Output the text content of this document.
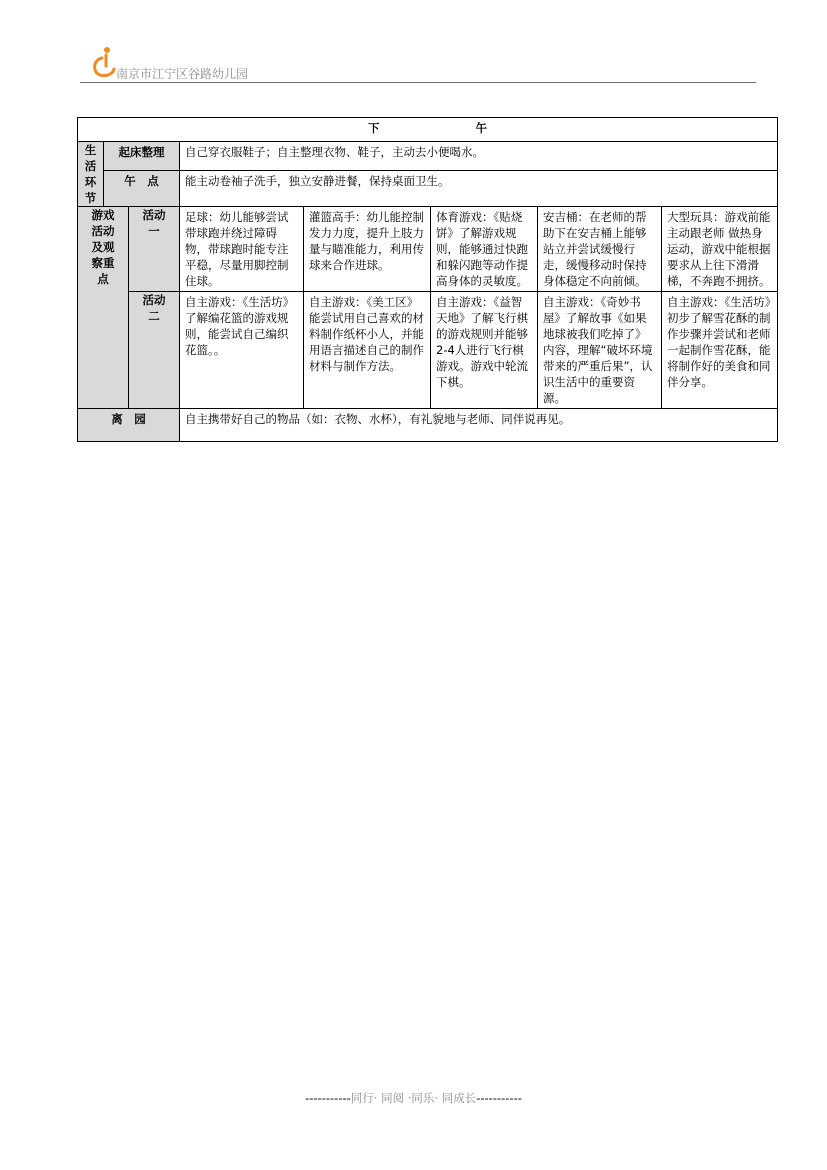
南京市江宁区谷路幼儿园
下 午							
生活环节	起床整理		自己穿衣服鞋子；自主整理衣物、鞋子，主动去小便喝水。				
	午　点		能主动卷袖子洗手，独立安静进餐，保持桌面卫生。				
游戏活动及观察重点		活动一	足球：幼儿能够尝试带球跑并绕过障碍物，带球跑时能专注平稳，尽量用脚控制住球。	灌篮高手：幼儿能控制发力力度，提升上肢力量与瞄准能力，利用传球来合作进球。	体育游戏：《贴烧饼》了解游戏规则，能够通过快跑和躲闪跑等动作提高身体的灵敏度。	安吉桶：在老师的帮助下在安吉桶上能够站立并尝试缓慢行走，缓慢移动时保持身体稳定不向前倾。	大型玩具：游戏前能主动跟老师 做热身运动，游戏中能根据要求从上往下滑滑梯，不奔跑不拥挤。
		活动二	自主游戏：《生活坊》了解编花篮的游戏规则，能尝试自己编织花篮。。	自主游戏：《美工区》能尝试用自己喜欢的材料制作纸杯小人，并能用语言描述自己的制作材料与制作方法。	自主游戏：《益智天地》了解飞行棋的游戏规则并能够2-4人进行飞行棋游戏。游戏中轮流下棋。	自主游戏：《奇妙书屋》了解故事《如果地球被我们吃掉了》内容，理解“破坏环境带来的严重后果”，认识生活中的重要资源。	自主游戏：《生活坊》初步了解雪花酥的制作步骤并尝试和老师一起制作雪花酥，能将制作好的美食和同伴分享。
离　园			自主携带好自己的物品（如：衣物、水杯），有礼貌地与老师、同伴说再见。				
-----------同行· 同阅 ·同乐· 同成长-----------
